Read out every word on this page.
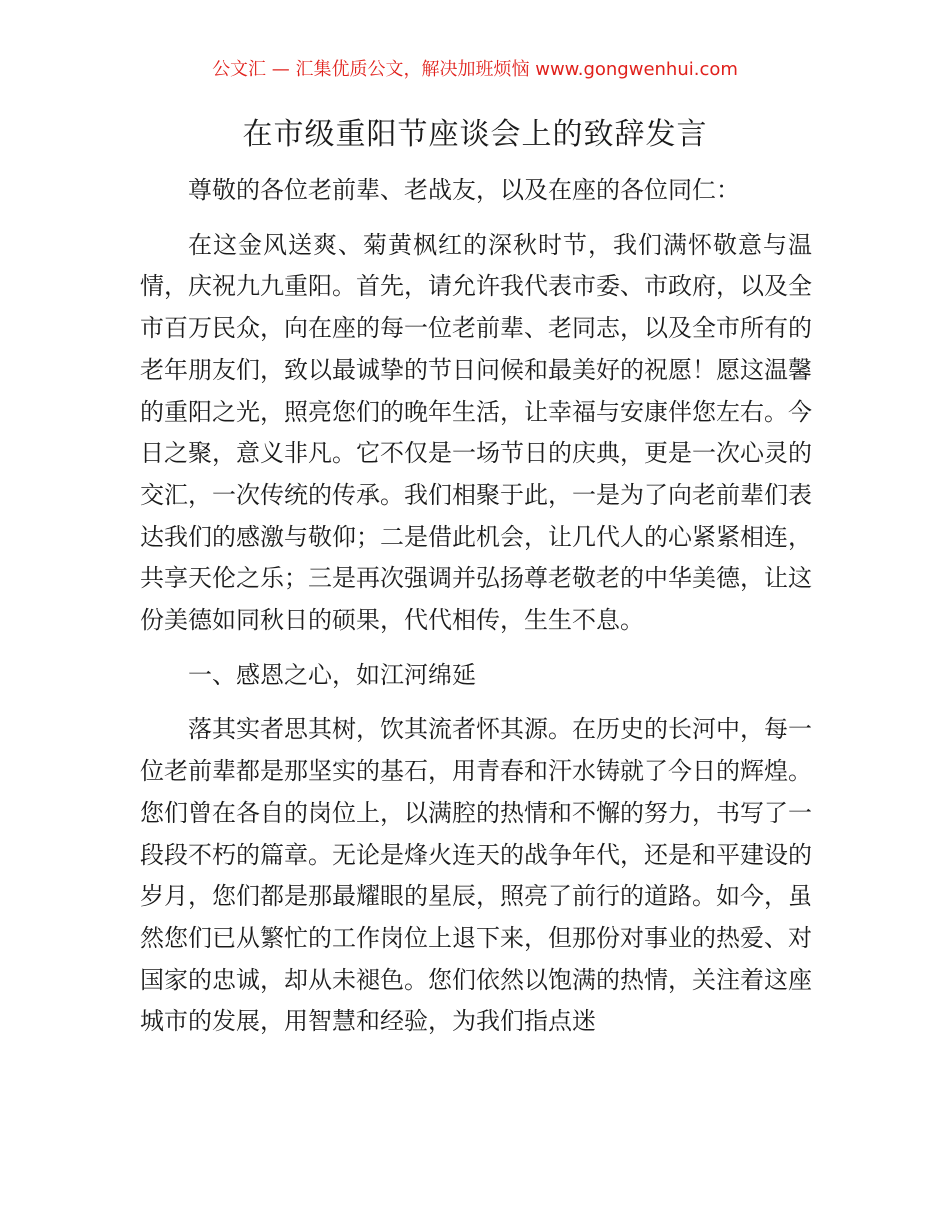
公文汇 — 汇集优质公文，解决加班烦恼 www.gongwenhui.com
在市级重阳节座谈会上的致辞发言

尊敬的各位老前辈、老战友，以及在座的各位同仁：

在这金风送爽、菊黄枫红的深秋时节，我们满怀敬意与温情，庆祝九九重阳。首先，请允许我代表市委、市政府，以及全市百万民众，向在座的每一位老前辈、老同志，以及全市所有的老年朋友们，致以最诚挚的节日问候和最美好的祝愿！愿这温馨的重阳之光，照亮您们的晚年生活，让幸福与安康伴您左右。今日之聚，意义非凡。它不仅是一场节日的庆典，更是一次心灵的交汇，一次传统的传承。我们相聚于此，一是为了向老前辈们表达我们的感激与敬仰；二是借此机会，让几代人的心紧紧相连，共享天伦之乐；三是再次强调并弘扬尊老敬老的中华美德，让这份美德如同秋日的硕果，代代相传，生生不息。

一、感恩之心，如江河绵延

落其实者思其树，饮其流者怀其源。在历史的长河中，每一位老前辈都是那坚实的基石，用青春和汗水铸就了今日的辉煌。您们曾在各自的岗位上，以满腔的热情和不懈的努力，书写了一段段不朽的篇章。无论是烽火连天的战争年代，还是和平建设的岁月，您们都是那最耀眼的星辰，照亮了前行的道路。如今，虽然您们已从繁忙的工作岗位上退下来，但那份对事业的热爱、对国家的忠诚，却从未褪色。您们依然以饱满的热情，关注着这座城市的发展，用智慧和经验，为我们指点迷
